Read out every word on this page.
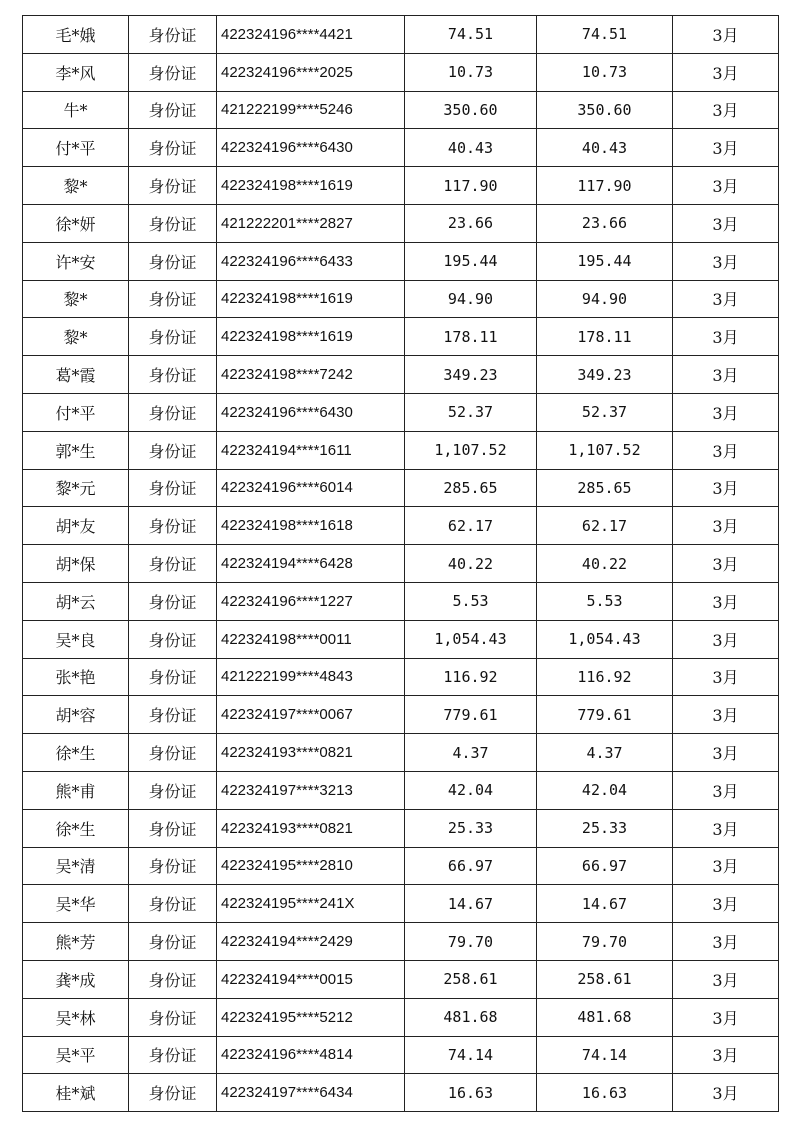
毛*娥	身份证	422324196****4421	74.51	74.51	3月
李*风	身份证	422324196****2025	10.73	10.73	3月
牛*	身份证	421222199****5246	350.60	350.60	3月
付*平	身份证	422324196****6430	40.43	40.43	3月
黎*	身份证	422324198****1619	117.90	117.90	3月
徐*妍	身份证	421222201****2827	23.66	23.66	3月
许*安	身份证	422324196****6433	195.44	195.44	3月
黎*	身份证	422324198****1619	94.90	94.90	3月
黎*	身份证	422324198****1619	178.11	178.11	3月
葛*霞	身份证	422324198****7242	349.23	349.23	3月
付*平	身份证	422324196****6430	52.37	52.37	3月
郭*生	身份证	422324194****1611	1,107.52	1,107.52	3月
黎*元	身份证	422324196****6014	285.65	285.65	3月
胡*友	身份证	422324198****1618	62.17	62.17	3月
胡*保	身份证	422324194****6428	40.22	40.22	3月
胡*云	身份证	422324196****1227	5.53	5.53	3月
吴*良	身份证	422324198****0011	1,054.43	1,054.43	3月
张*艳	身份证	421222199****4843	116.92	116.92	3月
胡*容	身份证	422324197****0067	779.61	779.61	3月
徐*生	身份证	422324193****0821	4.37	4.37	3月
熊*甫	身份证	422324197****3213	42.04	42.04	3月
徐*生	身份证	422324193****0821	25.33	25.33	3月
吴*清	身份证	422324195****2810	66.97	66.97	3月
吴*华	身份证	422324195****241X	14.67	14.67	3月
熊*芳	身份证	422324194****2429	79.70	79.70	3月
龚*成	身份证	422324194****0015	258.61	258.61	3月
吴*林	身份证	422324195****5212	481.68	481.68	3月
吴*平	身份证	422324196****4814	74.14	74.14	3月
桂*斌	身份证	422324197****6434	16.63	16.63	3月
